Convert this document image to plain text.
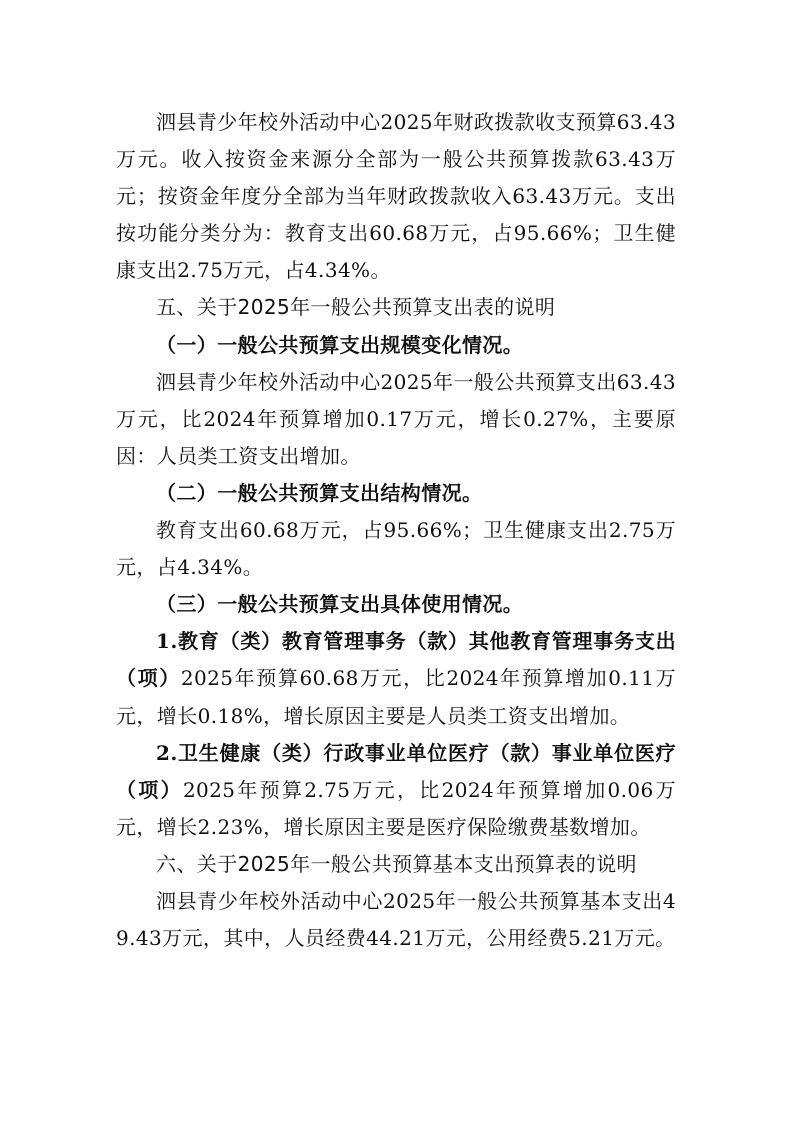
泗县青少年校外活动中心2025年财政拨款收支预算63.43万元。收入按资金来源分全部为一般公共预算拨款63.43万元；按资金年度分全部为当年财政拨款收入63.43万元。支出按功能分类分为：教育支出60.68万元，占95.66%；卫生健康支出2.75万元，占4.34%。

五、关于2025年一般公共预算支出表的说明

（一）一般公共预算支出规模变化情况。

泗县青少年校外活动中心2025年一般公共预算支出63.43万元，比2024年预算增加0.17万元，增长0.27%，主要原因：人员类工资支出增加。

（二）一般公共预算支出结构情况。

教育支出60.68万元，占95.66%；卫生健康支出2.75万元，占4.34%。

（三）一般公共预算支出具体使用情况。

1.教育（类）教育管理事务（款）其他教育管理事务支出（项）2025年预算60.68万元，比2024年预算增加0.11万元，增长0.18%，增长原因主要是人员类工资支出增加。

2.卫生健康（类）行政事业单位医疗（款）事业单位医疗（项）2025年预算2.75万元，比2024年预算增加0.06万元，增长2.23%，增长原因主要是医疗保险缴费基数增加。

六、关于2025年一般公共预算基本支出预算表的说明

泗县青少年校外活动中心2025年一般公共预算基本支出49.43万元，其中，人员经费44.21万元，公用经费5.21万元。
